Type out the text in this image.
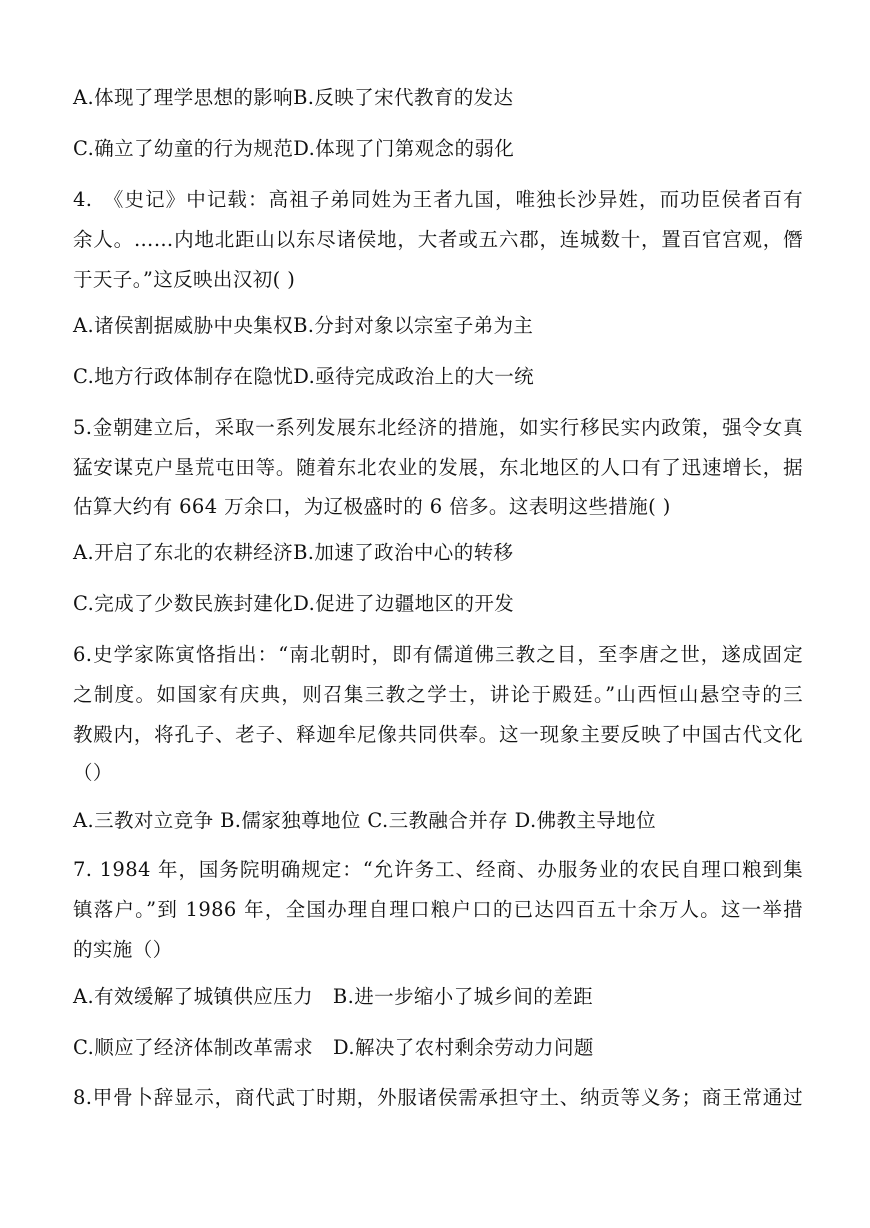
A.体现了理学思想的影响B.反映了宋代教育的发达
C.确立了幼童的行为规范D.体现了门第观念的弱化
4.　《史记》中记载：高祖子弟同姓为王者九国，唯独长沙异姓，而功臣侯者百有
余人。……内地北距山以东尽诸侯地，大者或五六郡，连城数十，置百官宫观，僭
于天子。”这反映出汉初( )
A.诸侯割据威胁中央集权B.分封对象以宗室子弟为主
C.地方行政体制存在隐忧D.亟待完成政治上的大一统
5.金朝建立后，采取一系列发展东北经济的措施，如实行移民实内政策，强令女真
猛安谋克户垦荒屯田等。随着东北农业的发展，东北地区的人口有了迅速增长，据
估算大约有 664 万余口，为辽极盛时的 6 倍多。这表明这些措施( )
A.开启了东北的农耕经济B.加速了政治中心的转移
C.完成了少数民族封建化D.促进了边疆地区的开发
6.史学家陈寅恪指出：“南北朝时，即有儒道佛三教之目，至李唐之世，遂成固定
之制度。如国家有庆典，则召集三教之学士，讲论于殿廷。”山西恒山悬空寺的三
教殿内，将孔子、老子、释迦牟尼像共同供奉。这一现象主要反映了中国古代文化
（）
A.三教对立竞争 B.儒家独尊地位 C.三教融合并存 D.佛教主导地位
7. 1984 年，国务院明确规定：“允许务工、经商、办服务业的农民自理口粮到集
镇落户。”到 1986 年，全国办理自理口粮户口的已达四百五十余万人。这一举措
的实施（）
A.有效缓解了城镇供应压力　B.进一步缩小了城乡间的差距
C.顺应了经济体制改革需求　D.解决了农村剩余劳动力问题
8.甲骨卜辞显示，商代武丁时期，外服诸侯需承担守土、纳贡等义务；商王常通过
